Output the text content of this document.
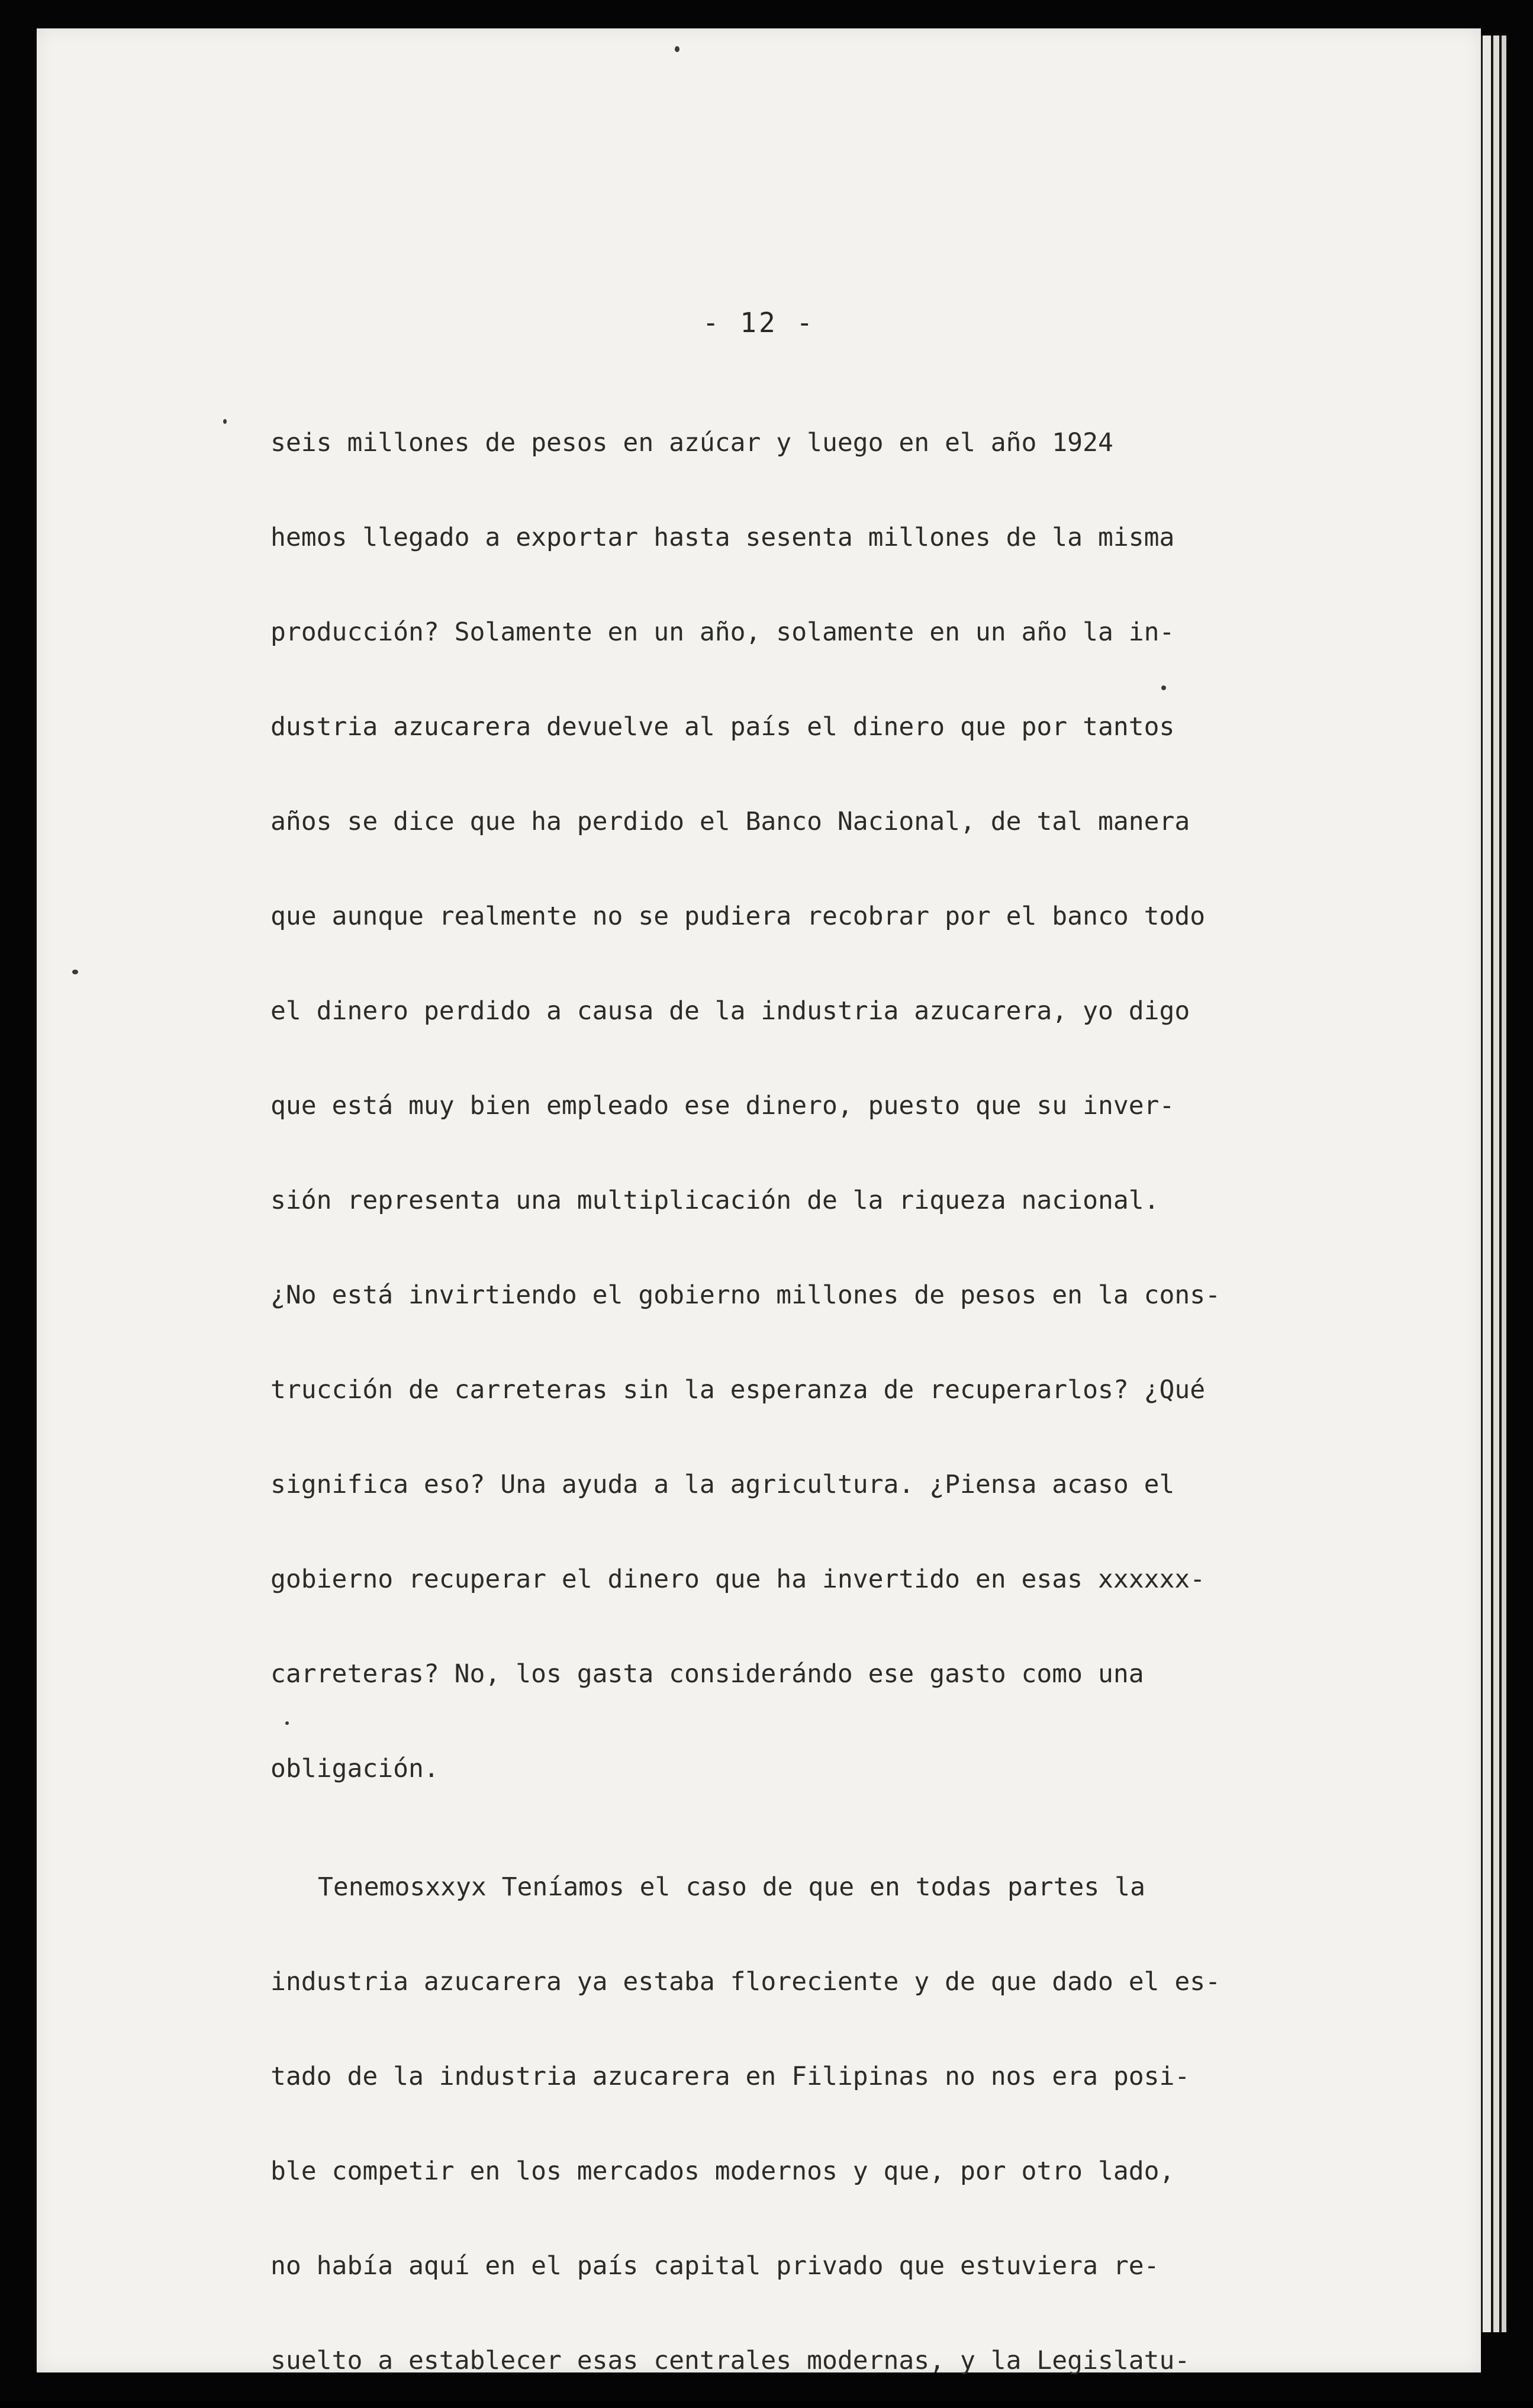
- 12 -
seis millones de pesos en azúcar y luego en el año 1924
hemos llegado a exportar hasta sesenta millones de la misma
producción? Solamente en un año, solamente en un año la in-
dustria azucarera devuelve al país el dinero que por tantos
años se dice que ha perdido el Banco Nacional, de tal manera
que aunque realmente no se pudiera recobrar por el banco todo
el dinero perdido a causa de la industria azucarera, yo digo
que está muy bien empleado ese dinero, puesto que su inver-
sión representa una multiplicación de la riqueza nacional.
¿No está invirtiendo el gobierno millones de pesos en la cons-
trucción de carreteras sin la esperanza de recuperarlos? ¿Qué
significa eso? Una ayuda a la agricultura. ¿Piensa acaso el
gobierno recuperar el dinero que ha invertido en esas xxxxxx-
carreteras? No, los gasta considerándo ese gasto como una
obligación.
Tenemosxxyx Teníamos el caso de que en todas partes la
industria azucarera ya estaba floreciente y de que dado el es-
tado de la industria azucarera en Filipinas no nos era posi-
ble competir en los mercados modernos y que, por otro lado,
no había aquí en el país capital privado que estuviera re-
suelto a establecer esas centrales modernas, y la Legislatu-
